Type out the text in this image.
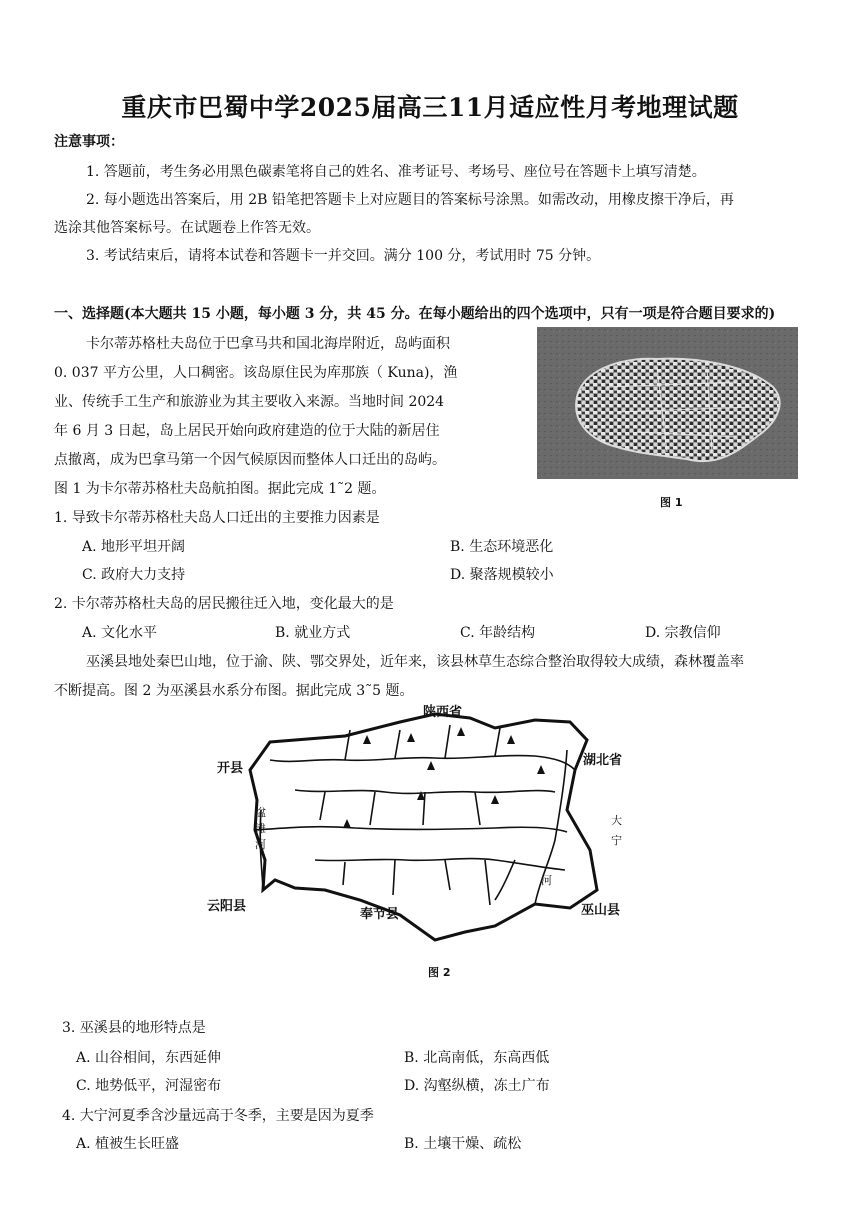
重庆市巴蜀中学2025届高三11月适应性月考地理试题
注意事项：
1. 答题前，考生务必用黑色碳素笔将自己的姓名、准考证号、考场号、座位号在答题卡上填写清楚。
2. 每小题选出答案后，用 2B 铅笔把答题卡上对应题目的答案标号涂黑。如需改动，用橡皮擦干净后，再
选涂其他答案标号。在试题卷上作答无效。
3. 考试结束后，请将本试卷和答题卡一并交回。满分 100 分，考试用时 75 分钟。
一、选择题(本大题共 15 小题，每小题 3 分，共 45 分。在每小题给出的四个选项中，只有一项是符合题目要求的)
卡尔蒂苏格杜夫岛位于巴拿马共和国北海岸附近，岛屿面积
0. 037 平方公里，人口稠密。该岛原住民为库那族（ Kuna)，渔
业、传统手工生产和旅游业为其主要收入来源。当地时间 2024
年 6 月 3 日起，岛上居民开始向政府建造的位于大陆的新居住
点撤离，成为巴拿马第一个因气候原因而整体人口迁出的岛屿。
图 1 为卡尔蒂苏格杜夫岛航拍图。据此完成 1˜2 题。
图 1
1. 导致卡尔蒂苏格杜夫岛人口迁出的主要推力因素是
A. 地形平坦开阔	B. 生态环境恶化
C. 政府大力支持	D. 聚落规模较小
2. 卡尔蒂苏格杜夫岛的居民搬往迁入地，变化最大的是
A. 文化水平	B. 就业方式	C. 年龄结构	D. 宗教信仰
巫溪县地处秦巴山地，位于渝、陕、鄂交界处，近年来，该县林草生态综合整治取得较大成绩，森林覆盖率
不断提高。图 2 为巫溪县水系分布图。据此完成 3˜5 题。
陕西省
湖北省
开县
云阳县
奉节县	巫山县
湓
滩
河
大
宁
河
图 2
3. 巫溪县的地形特点是
A. 山谷相间，东西延伸	B. 北高南低，东高西低
C. 地势低平，河湿密布	D. 沟壑纵横，冻土广布
4. 大宁河夏季含沙量远高于冬季，主要是因为夏季
A. 植被生长旺盛	B. 土壤干燥、疏松
